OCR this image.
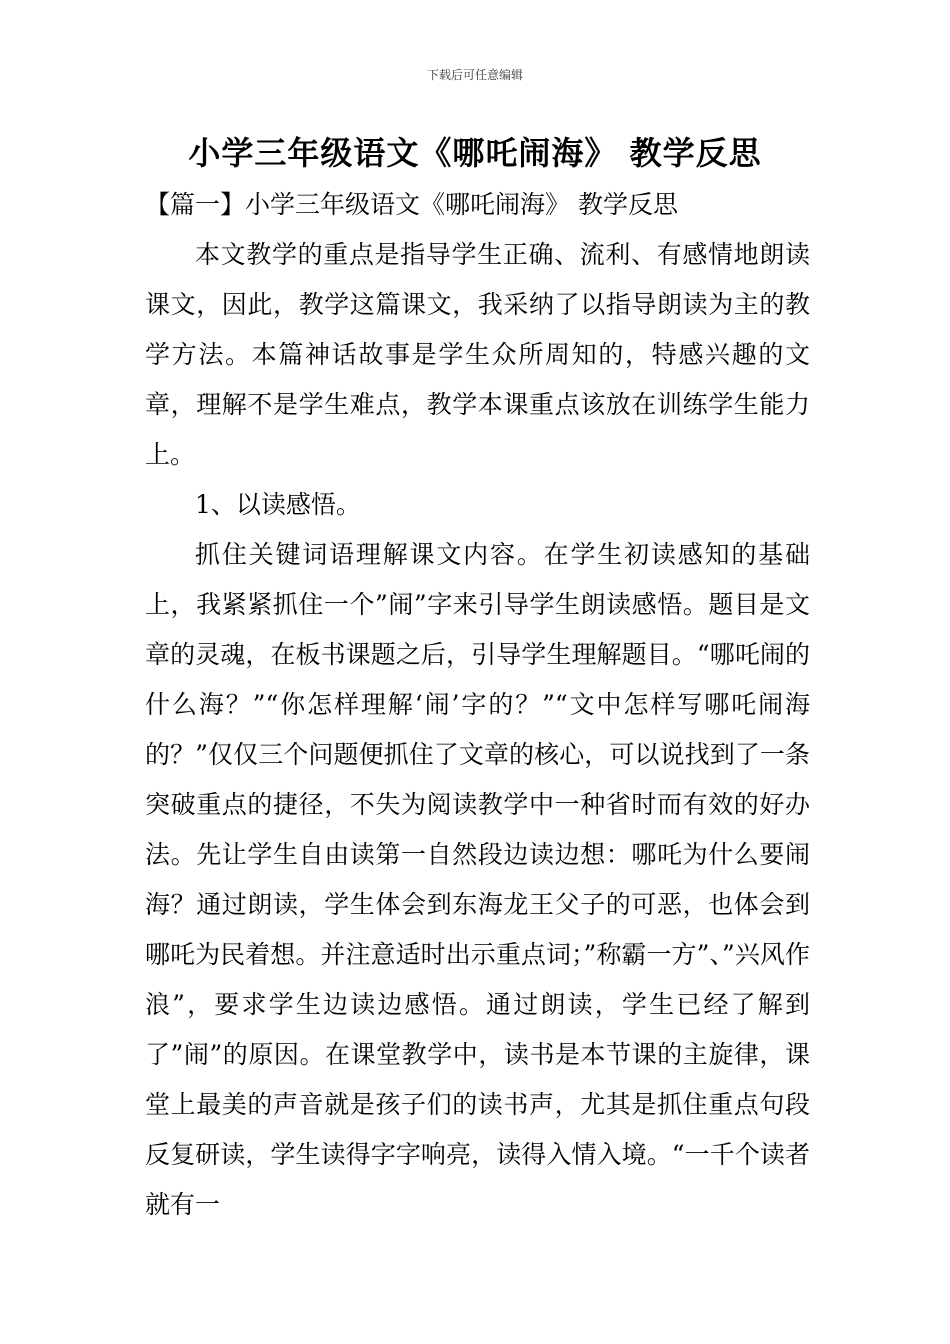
下载后可任意编辑
小学三年级语文《哪吒闹海》 教学反思

【篇一】小学三年级语文《哪吒闹海》 教学反思

本文教学的重点是指导学生正确、流利、有感情地朗读课文，因此，教学这篇课文，我采纳了以指导朗读为主的教学方法。本篇神话故事是学生众所周知的，特感兴趣的文章，理解不是学生难点，教学本课重点该放在训练学生能力上。

1、以读感悟。

抓住关键词语理解课文内容。在学生初读感知的基础上，我紧紧抓住一个”闹”字来引导学生朗读感悟。题目是文章的灵魂，在板书课题之后，引导学生理解题目。“哪吒闹的什么海？”“你怎样理解‘闹’字的？”“文中怎样写哪吒闹海的？”仅仅三个问题便抓住了文章的核心，可以说找到了一条突破重点的捷径，不失为阅读教学中一种省时而有效的好办法。先让学生自由读第一自然段边读边想：哪吒为什么要闹海？通过朗读，学生体会到东海龙王父子的可恶，也体会到哪吒为民着想。并注意适时出示重点词；”称霸一方”、”兴风作浪”，要求学生边读边感悟。通过朗读，学生已经了解到了”闹”的原因。在课堂教学中，读书是本节课的主旋律，课堂上最美的声音就是孩子们的读书声，尤其是抓住重点句段反复研读，学生读得字字响亮，读得入情入境。“一千个读者就有一
